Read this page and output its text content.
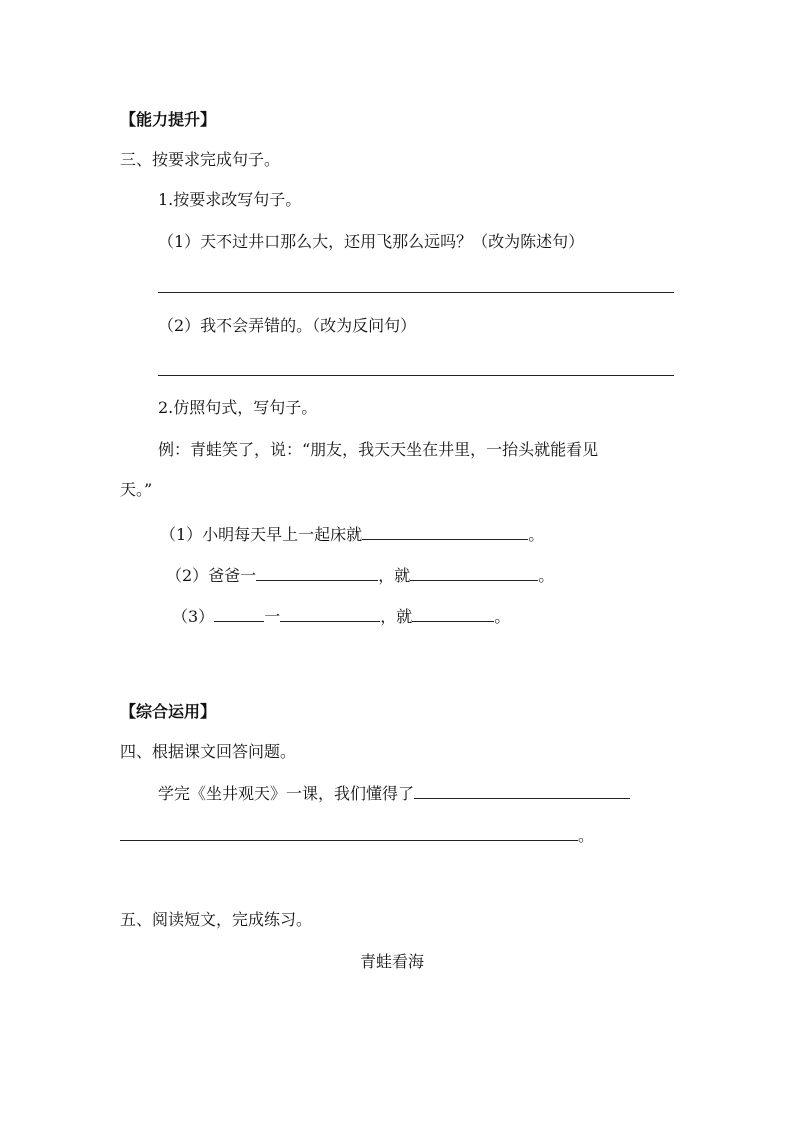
【能力提升】
三、按要求完成句子。
1.按要求改写句子。
（1）天不过井口那么大，还用飞那么远吗？（改为陈述句）
（2）我不会弄错的。（改为反问句）
2.仿照句式，写句子。
例：青蛙笑了，说：“朋友，我天天坐在井里，一抬头就能看见
天。”
（1）小明每天早上一起床就	。
（2）爸爸一	，就	。
（3）	一	，就	。
【综合运用】
四、根据课文回答问题。
学完《坐井观天》一课，我们懂得了
。
五、阅读短文，完成练习。
青蛙看海
